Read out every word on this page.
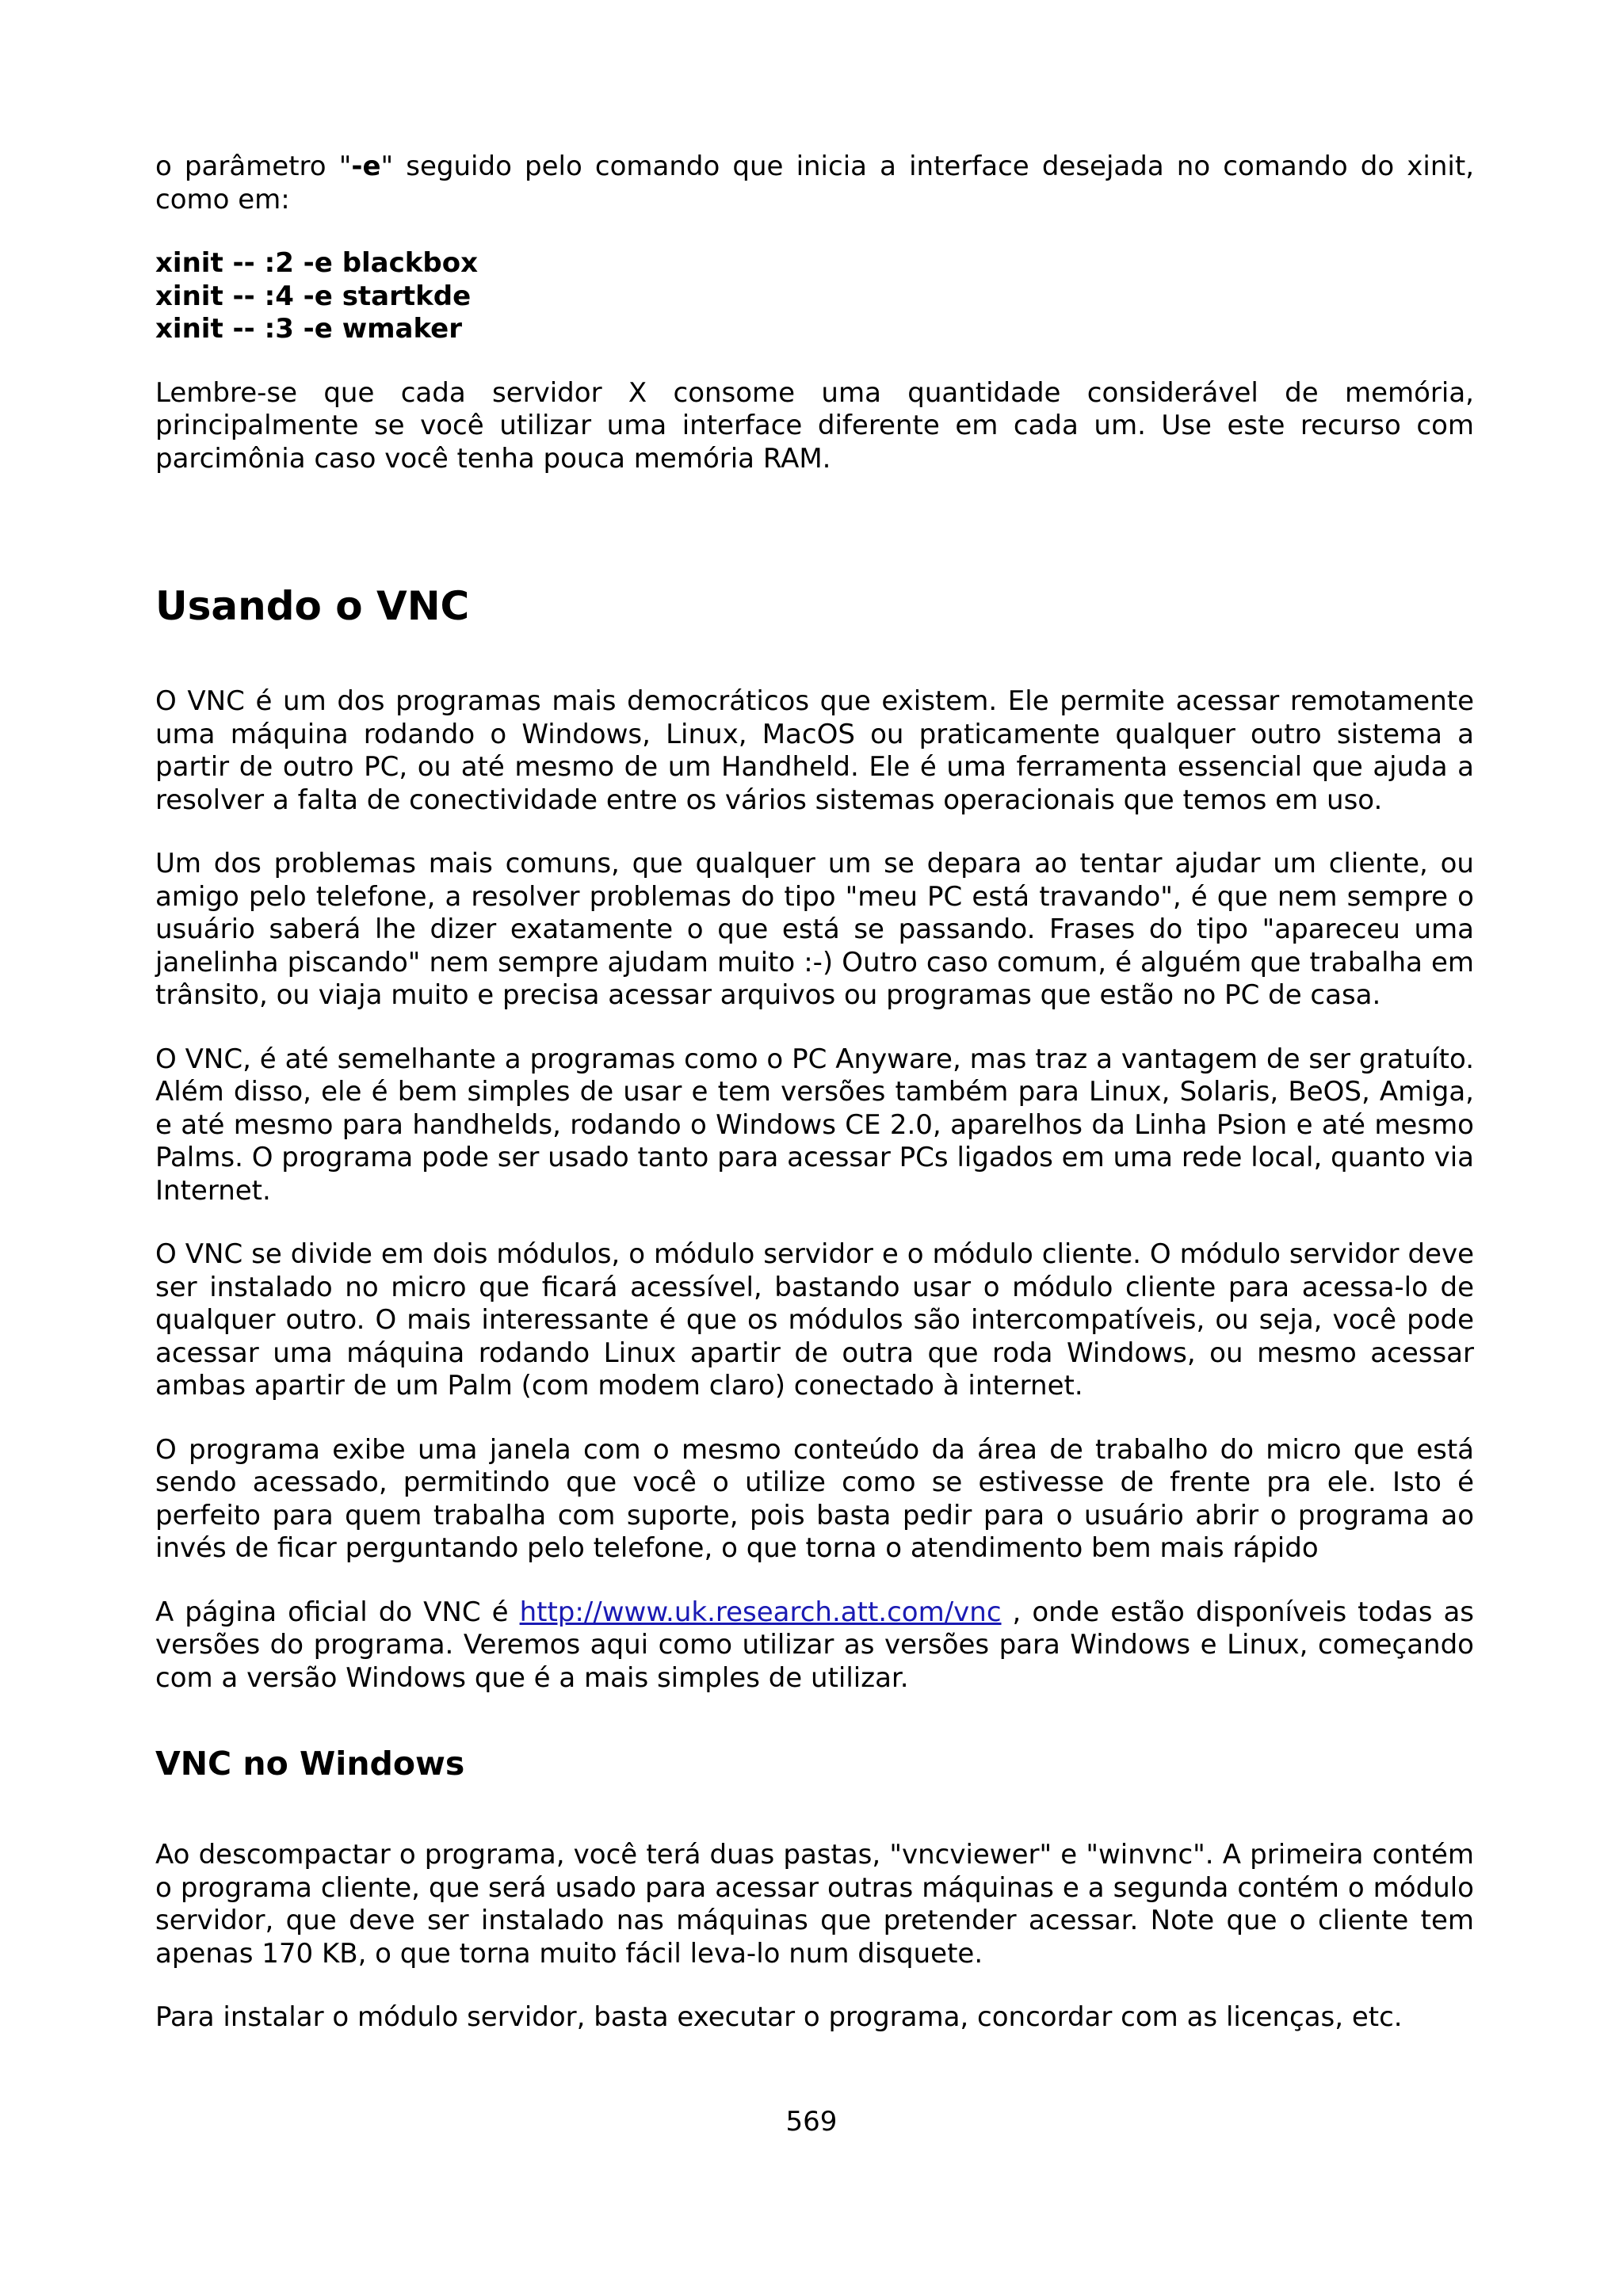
o parâmetro "-e" seguido pelo comando que inicia a interface desejada no comando do xinit, como em:

xinit -- :2 -e blackbox
xinit -- :4 -e startkde
xinit -- :3 -e wmaker

Lembre-se que cada servidor X consome uma quantidade considerável de memória, principalmente se você utilizar uma interface diferente em cada um. Use este recurso com parcimônia caso você tenha pouca memória RAM.

Usando o VNC

O VNC é um dos programas mais democráticos que existem. Ele permite acessar remotamente uma máquina rodando o Windows, Linux, MacOS ou praticamente qualquer outro sistema a partir de outro PC, ou até mesmo de um Handheld. Ele é uma ferramenta essencial que ajuda a resolver a falta de conectividade entre os vários sistemas operacionais que temos em uso.

Um dos problemas mais comuns, que qualquer um se depara ao tentar ajudar um cliente, ou amigo pelo telefone, a resolver problemas do tipo "meu PC está travando", é que nem sempre o usuário saberá lhe dizer exatamente o que está se passando. Frases do tipo "apareceu uma janelinha piscando" nem sempre ajudam muito :-) Outro caso comum, é alguém que trabalha em trânsito, ou viaja muito e precisa acessar arquivos ou programas que estão no PC de casa.

O VNC, é até semelhante a programas como o PC Anyware, mas traz a vantagem de ser gratuíto. Além disso, ele é bem simples de usar e tem versões também para Linux, Solaris, BeOS, Amiga, e até mesmo para handhelds, rodando o Windows CE 2.0, aparelhos da Linha Psion e até mesmo Palms. O programa pode ser usado tanto para acessar PCs ligados em uma rede local, quanto via Internet.

O VNC se divide em dois módulos, o módulo servidor e o módulo cliente. O módulo servidor deve ser instalado no micro que ficará acessível, bastando usar o módulo cliente para acessa-lo de qualquer outro. O mais interessante é que os módulos são intercompatíveis, ou seja, você pode acessar uma máquina rodando Linux apartir de outra que roda Windows, ou mesmo acessar ambas apartir de um Palm (com modem claro) conectado à internet.

O programa exibe uma janela com o mesmo conteúdo da área de trabalho do micro que está sendo acessado, permitindo que você o utilize como se estivesse de frente pra ele. Isto é perfeito para quem trabalha com suporte, pois basta pedir para o usuário abrir o programa ao invés de ficar perguntando pelo telefone, o que torna o atendimento bem mais rápido

A página oficial do VNC é http://www.uk.research.att.com/vnc , onde estão disponíveis todas as versões do programa. Veremos aqui como utilizar as versões para Windows e Linux, começando com a versão Windows que é a mais simples de utilizar.

VNC no Windows

Ao descompactar o programa, você terá duas pastas, "vncviewer" e "winvnc". A primeira contém o programa cliente, que será usado para acessar outras máquinas e a segunda contém o módulo servidor, que deve ser instalado nas máquinas que pretender acessar. Note que o cliente tem apenas 170 KB, o que torna muito fácil leva-lo num disquete.

Para instalar o módulo servidor, basta executar o programa, concordar com as licenças, etc.

569
